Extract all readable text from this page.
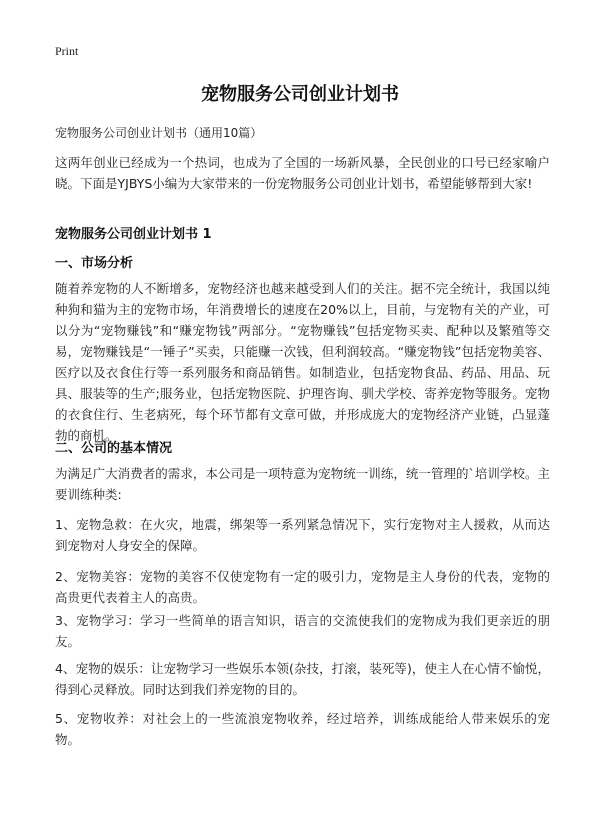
Print
宠物服务公司创业计划书
宠物服务公司创业计划书（通用10篇）
这两年创业已经成为一个热词，也成为了全国的一场新风暴，全民创业的口号已经家喻户晓。下面是YJBYS小编为大家带来的一份宠物服务公司创业计划书，希望能够帮到大家!
宠物服务公司创业计划书 1
一、市场分析
随着养宠物的人不断增多，宠物经济也越来越受到人们的关注。据不完全统计，我国以纯种狗和猫为主的宠物市场，年消费增长的速度在20%以上，目前，与宠物有关的产业，可以分为“宠物赚钱”和“赚宠物钱”两部分。“宠物赚钱”包括宠物买卖、配种以及繁殖等交易，宠物赚钱是“一锤子”买卖，只能赚一次钱，但利润较高。“赚宠物钱”包括宠物美容、医疗以及衣食住行等一系列服务和商品销售。如制造业，包括宠物食品、药品、用品、玩具、服装等的生产;服务业，包括宠物医院、护理咨询、驯犬学校、寄养宠物等服务。宠物的衣食住行、生老病死，每个环节都有文章可做，并形成庞大的宠物经济产业链，凸显蓬勃的商机。
二、公司的基本情况
为满足广大消费者的需求，本公司是一项特意为宠物统一训练，统一管理的`培训学校。主要训练种类:
1、宠物急救：在火灾，地震，绑架等一系列紧急情况下，实行宠物对主人援救，从而达到宠物对人身安全的保障。
2、宠物美容：宠物的美容不仅使宠物有一定的吸引力，宠物是主人身份的代表，宠物的高贵更代表着主人的高贵。
3、宠物学习：学习一些简单的语言知识，语言的交流使我们的宠物成为我们更亲近的朋友。
4、宠物的娱乐：让宠物学习一些娱乐本领(杂技，打滚，装死等)，使主人在心情不愉悦，得到心灵释放。同时达到我们养宠物的目的。
5、宠物收养：对社会上的一些流浪宠物收养，经过培养，训练成能给人带来娱乐的宠物。
